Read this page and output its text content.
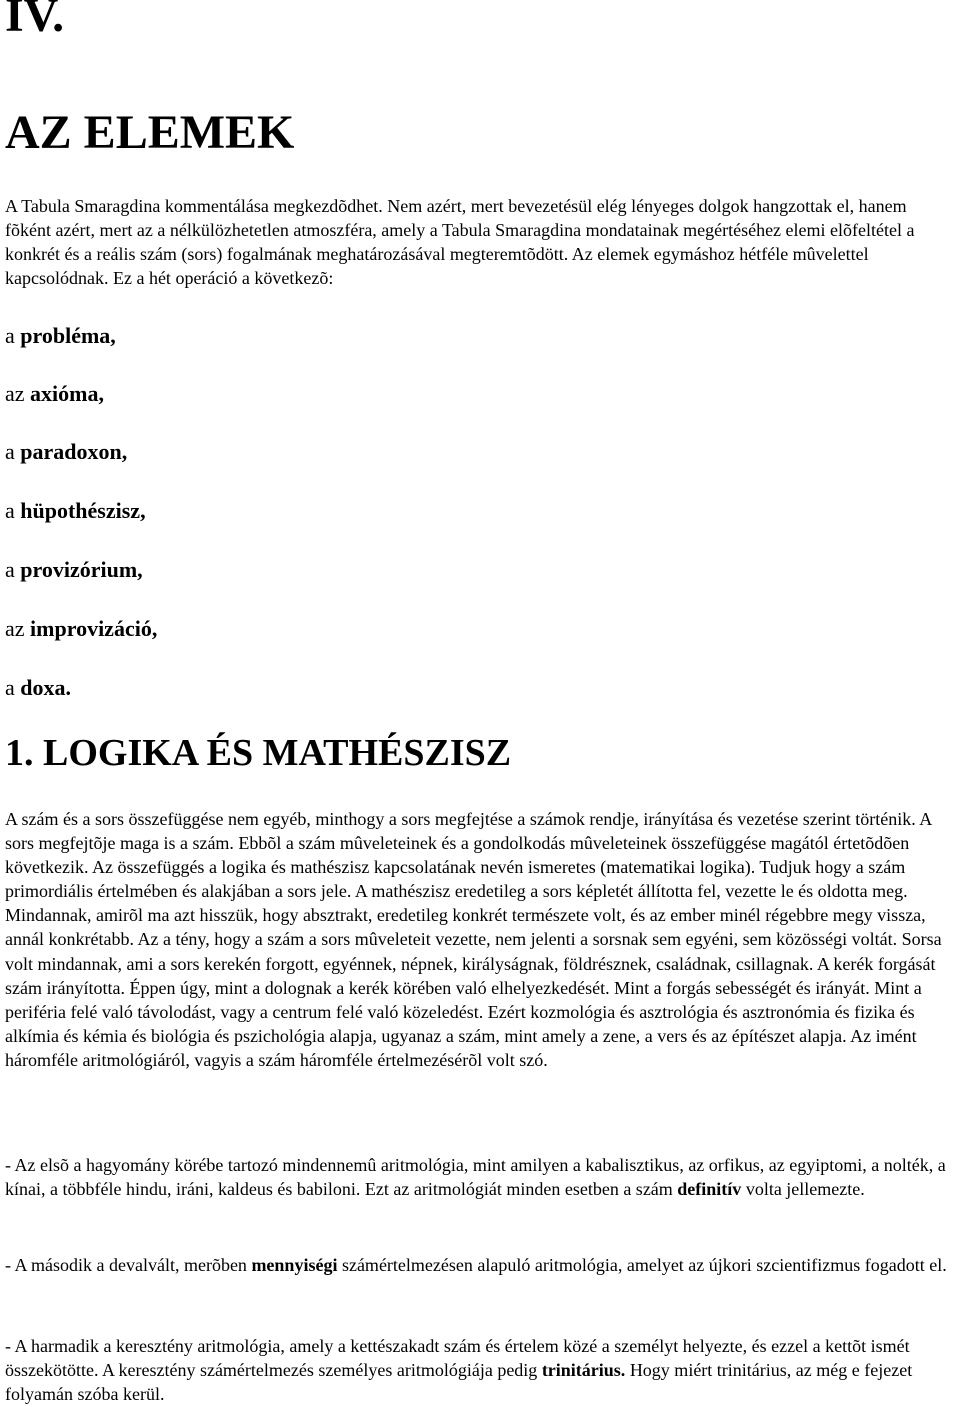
IV.
AZ ELEMEK

A Tabula Smaragdina kommentálása megkezdõdhet. Nem azért, mert bevezetésül elég lényeges dolgok hangzottak el, hanem fõként azért, mert az a nélkülözhetetlen atmoszféra, amely a Tabula Smaragdina mondatainak megértéséhez elemi elõfeltétel a konkrét és a reális szám (sors) fogalmának meghatározásával megteremtõdött. Az elemek egymáshoz hétféle mûvelettel kapcsolódnak. Ez a hét operáció a következõ:

a probléma,

az axióma,

a paradoxon,

a hüpothészisz,

a provizórium,

az improvizáció,

a doxa.

1. LOGIKA ÉS MATHÉSZISZ

A szám és a sors összefüggése nem egyéb, minthogy a sors megfejtése a számok rendje, irányítása és vezetése szerint történik. A sors megfejtõje maga is a szám. Ebbõl a szám mûveleteinek és a gondolkodás mûveleteinek összefüggése magától értetõdõen következik. Az összefüggés a logika és mathészisz kapcsolatának nevén ismeretes (matematikai logika). Tudjuk hogy a szám primordiális értelmében és alakjában a sors jele. A mathészisz eredetileg a sors képletét állította fel, vezette le és oldotta meg. Mindannak, amirõl ma azt hisszük, hogy absztrakt, eredetileg konkrét természete volt, és az ember minél régebbre megy vissza, annál konkrétabb. Az a tény, hogy a szám a sors mûveleteit vezette, nem jelenti a sorsnak sem egyéni, sem közösségi voltát. Sorsa volt mindannak, ami a sors kerekén forgott, egyénnek, népnek, királyságnak, földrésznek, családnak, csillagnak. A kerék forgását szám irányította. Éppen úgy, mint a dolognak a kerék körében való elhelyezkedését. Mint a forgás sebességét és irányát. Mint a periféria felé való távolodást, vagy a centrum felé való közeledést. Ezért kozmológia és asztrológia és asztronómia és fizika és alkímia és kémia és biológia és pszichológia alapja, ugyanaz a szám, mint amely a zene, a vers és az építészet alapja. Az imént háromféle aritmológiáról, vagyis a szám háromféle értelmezésérõl volt szó.

- Az elsõ a hagyomány körébe tartozó mindennemû aritmológia, mint amilyen a kabalisztikus, az orfikus, az egyiptomi, a nolték, a kínai, a többféle hindu, iráni, kaldeus és babiloni. Ezt az aritmológiát minden esetben a szám definitív volta jellemezte.

- A második a devalvált, merõben mennyiségi számértelmezésen alapuló aritmológia, amelyet az újkori szcientifizmus fogadott el.

- A harmadik a keresztény aritmológia, amely a kettészakadt szám és értelem közé a személyt helyezte, és ezzel a kettõt ismét összekötötte. A keresztény számértelmezés személyes aritmológiája pedig trinitárius. Hogy miért trinitárius, az még e fejezet folyamán szóba kerül.
